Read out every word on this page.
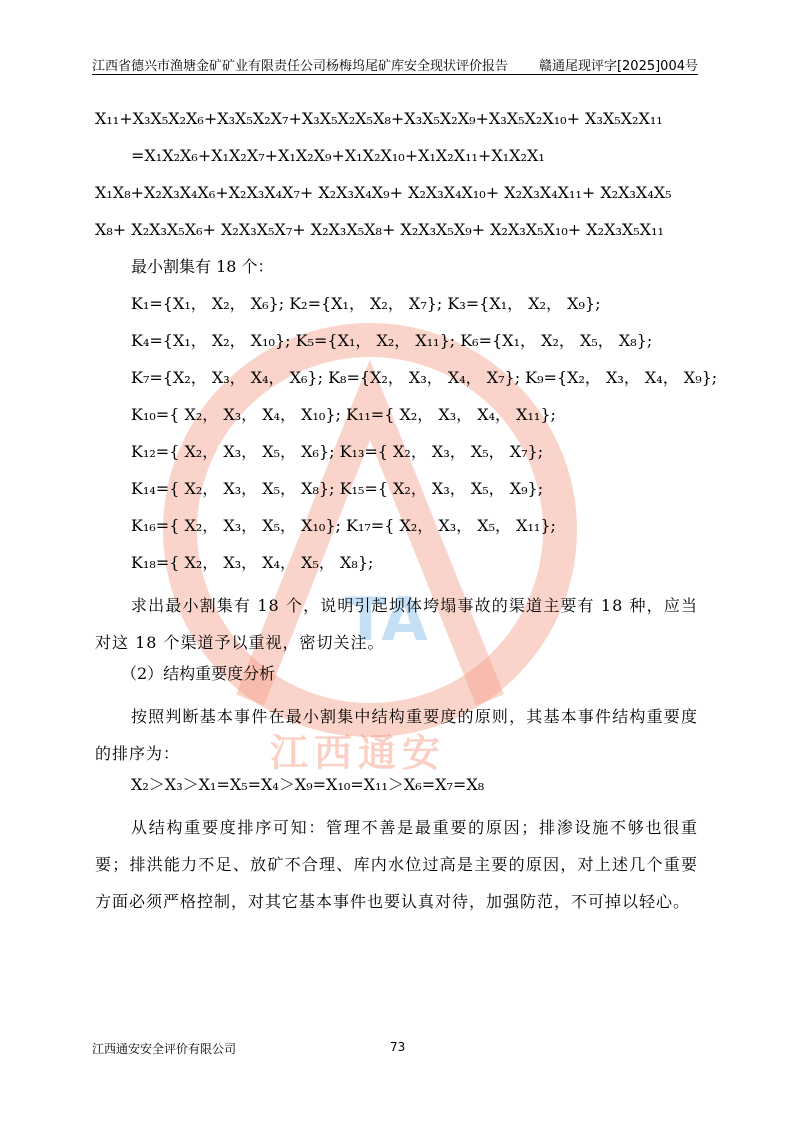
江西省德兴市渔塘金矿矿业有限责任公司杨梅坞尾矿库安全现状评价报告 赣通尾现评字[2025]004号
TA
江西通安
X₁₁+X₃X₅X₂X₆+X₃X₅X₂X₇+X₃X₅X₂X₅X₈+X₃X₅X₂X₉+X₃X₅X₂X₁₀+ X₃X₅X₂X₁₁
=X₁X₂X₆+X₁X₂X₇+X₁X₂X₉+X₁X₂X₁₀+X₁X₂X₁₁+X₁X₂X₁
X₁X₈+X₂X₃X₄X₆+X₂X₃X₄X₇+ X₂X₃X₄X₉+ X₂X₃X₄X₁₀+ X₂X₃X₄X₁₁+ X₂X₃X₄X₅
X₈+ X₂X₃X₅X₆+ X₂X₃X₅X₇+ X₂X₃X₅X₈+ X₂X₃X₅X₉+ X₂X₃X₅X₁₀+ X₂X₃X₅X₁₁
最小割集有 18 个：
K₁={X₁， X₂， X₆}; K₂={X₁， X₂， X₇}; K₃={X₁， X₂， X₉};
K₄={X₁， X₂， X₁₀}; K₅={X₁， X₂， X₁₁}; K₆={X₁， X₂， X₅， X₈};
K₇={X₂， X₃， X₄， X₆}; K₈={X₂， X₃， X₄， X₇}; K₉={X₂， X₃， X₄， X₉};
K₁₀={ X₂， X₃， X₄， X₁₀}; K₁₁={ X₂， X₃， X₄， X₁₁};
K₁₂={ X₂， X₃， X₅， X₆}; K₁₃={ X₂， X₃， X₅， X₇};
K₁₄={ X₂， X₃， X₅， X₈}; K₁₅={ X₂， X₃， X₅， X₉};
K₁₆={ X₂， X₃， X₅， X₁₀}; K₁₇={ X₂， X₃， X₅， X₁₁};
K₁₈={ X₂， X₃， X₄， X₅， X₈};
求出最小割集有 18 个，说明引起坝体垮塌事故的渠道主要有 18 种，应当对这 18 个渠道予以重视，密切关注。
（2）结构重要度分析
按照判断基本事件在最小割集中结构重要度的原则，其基本事件结构重要度的排序为：
X₂＞X₃＞X₁=X₅=X₄＞X₉=X₁₀=X₁₁＞X₆=X₇=X₈
从结构重要度排序可知：管理不善是最重要的原因；排渗设施不够也很重要；排洪能力不足、放矿不合理、库内水位过高是主要的原因，对上述几个重要方面必须严格控制，对其它基本事件也要认真对待，加强防范，不可掉以轻心。
江西通安安全评价有限公司	73
